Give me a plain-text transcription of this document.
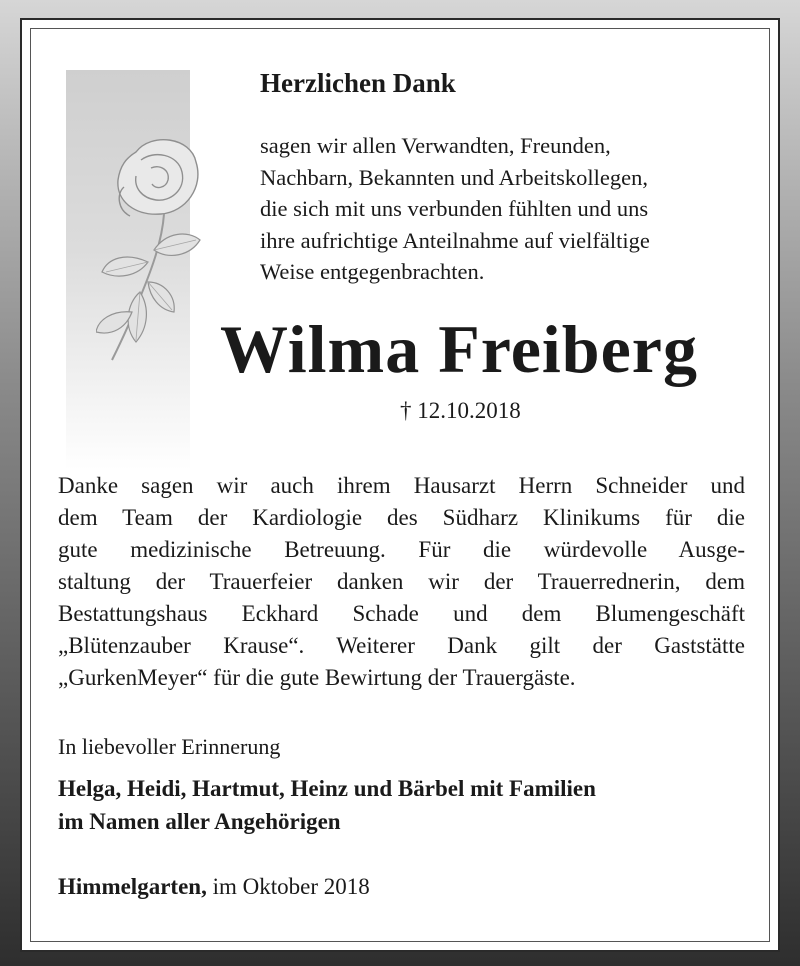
Herzlichen Dank

sagen wir allen Verwandten, Freunden,
Nachbarn, Bekannten und Arbeitskollegen,
die sich mit uns verbunden fühlten und uns
ihre aufrichtige Anteilnahme auf vielfältige
Weise entgegenbrachten.

Wilma Freiberg

† 12.10.2018

Danke sagen wir auch ihrem Hausarzt Herrn Schneider und
dem Team der Kardiologie des Südharz Klinikums für die
gute medizinische Betreuung. Für die würdevolle Ausge-
staltung der Trauerfeier danken wir der Trauerrednerin, dem
Bestattungshaus Eckhard Schade und dem Blumengeschäft
„Blütenzauber Krause“. Weiterer Dank gilt der Gaststätte
„GurkenMeyer“ für die gute Bewirtung der Trauergäste.

In liebevoller Erinnerung

Helga, Heidi, Hartmut, Heinz und Bärbel mit Familien
im Namen aller Angehörigen

Himmelgarten, im Oktober 2018
